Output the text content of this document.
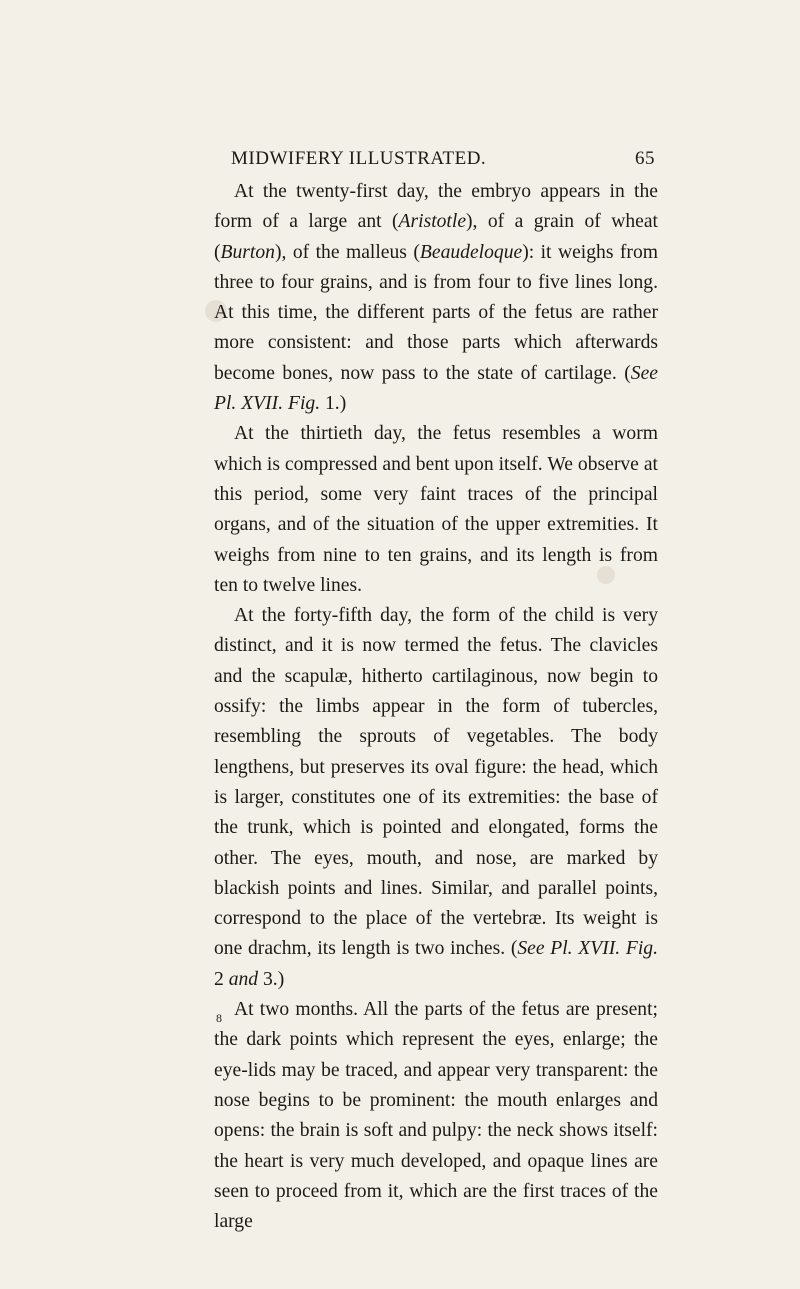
MIDWIFERY ILLUSTRATED.	65

At the twenty-first day, the embryo appears in the form of a large ant (Aristotle), of a grain of wheat (Burton), of the malleus (Beaudeloque): it weighs from three to four grains, and is from four to five lines long. At this time, the different parts of the fetus are rather more consistent: and those parts which afterwards become bones, now pass to the state of cartilage. (See Pl. XVII. Fig. 1.)

At the thirtieth day, the fetus resembles a worm which is compressed and bent upon itself. We observe at this period, some very faint traces of the principal organs, and of the situation of the upper extremities. It weighs from nine to ten grains, and its length is from ten to twelve lines.

At the forty-fifth day, the form of the child is very distinct, and it is now termed the fetus. The clavicles and the scapulæ, hitherto cartilaginous, now begin to ossify: the limbs appear in the form of tubercles, resembling the sprouts of vegetables. The body lengthens, but preserves its oval figure: the head, which is larger, constitutes one of its extremities: the base of the trunk, which is pointed and elongated, forms the other. The eyes, mouth, and nose, are marked by blackish points and lines. Similar, and parallel points, correspond to the place of the vertebræ. Its weight is one drachm, its length is two inches. (See Pl. XVII. Fig. 2 and 3.)

At two months. All the parts of the fetus are present; the dark points which represent the eyes, enlarge; the eye-lids may be traced, and appear very transparent: the nose begins to be prominent: the mouth enlarges and opens: the brain is soft and pulpy: the neck shows itself: the heart is very much developed, and opaque lines are seen to proceed from it, which are the first traces of the large

8
